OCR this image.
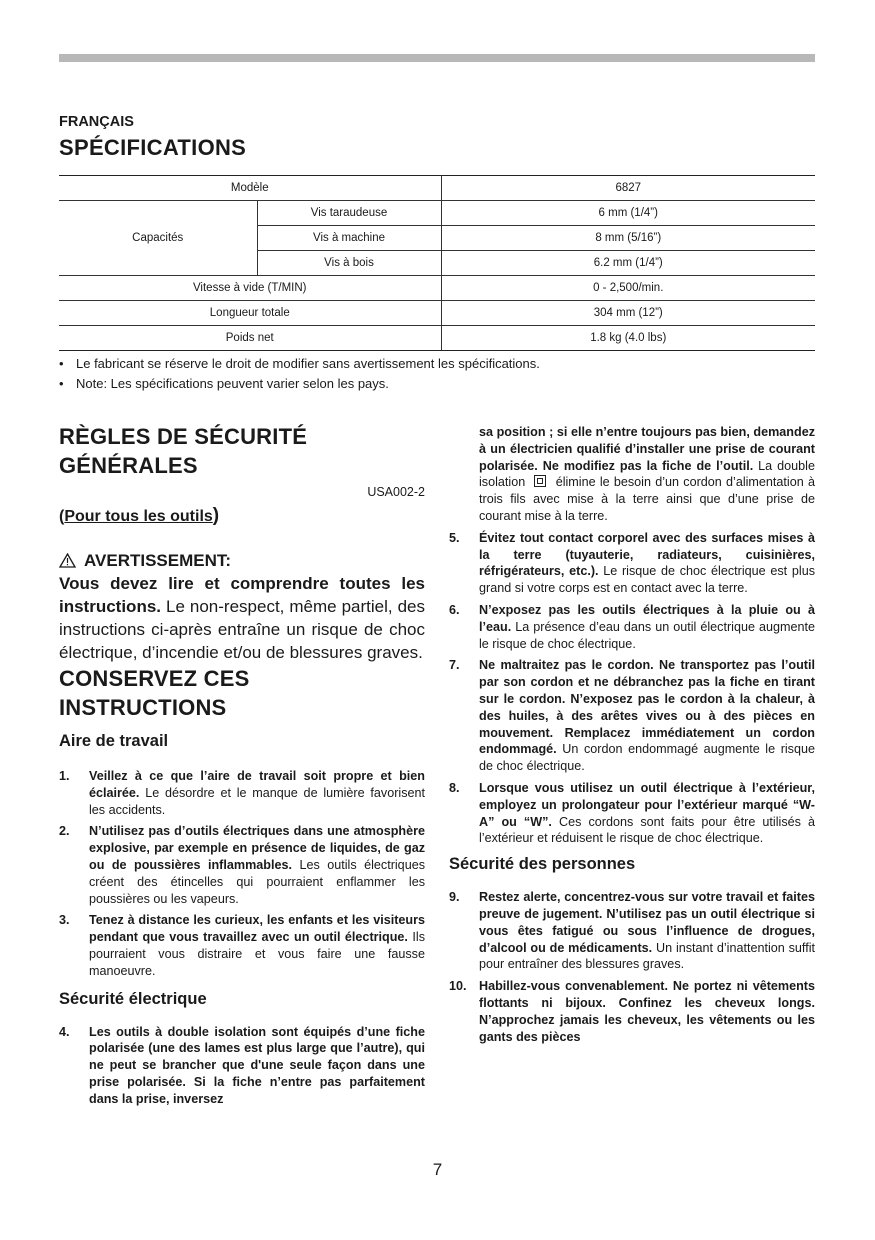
FRANÇAIS
SPÉCIFICATIONS
Modèle		6827
Capacités	Vis taraudeuse	6 mm (1/4”)
	Vis à machine	8 mm (5/16”)
	Vis à bois	6.2 mm (1/4”)
Vitesse à vide (T/MIN)		0 - 2,500/min.
Longueur totale		304 mm (12”)
Poids net		1.8 kg (4.0 lbs)
• Le fabricant se réserve le droit de modifier sans avertissement les spécifications.
• Note: Les spécifications peuvent varier selon les pays.
RÈGLES DE SÉCURITÉ
GÉNÉRALES
USA002-2
(Pour tous les outils)
AVERTISSEMENT:

Vous devez lire et comprendre toutes les instructions. Le non-respect, même partiel, des instructions ci-après entraîne un risque de choc électrique, d’incendie et/ou de blessures graves.

CONSERVEZ CES
INSTRUCTIONS
Aire de travail
1. Veillez à ce que l’aire de travail soit propre et bien éclairée. Le désordre et le manque de lumière favorisent les accidents.
2. N’utilisez pas d’outils électriques dans une atmosphère explosive, par exemple en présence de liquides, de gaz ou de poussières inflammables. Les outils électriques créent des étincelles qui pourraient enflammer les poussières ou les vapeurs.
3. Tenez à distance les curieux, les enfants et les visiteurs pendant que vous travaillez avec un outil électrique. Ils pourraient vous distraire et vous faire une fausse manoeuvre.
Sécurité électrique
4. Les outils à double isolation sont équipés d’une fiche polarisée (une des lames est plus large que l’autre), qui ne peut se brancher que d'une seule façon dans une prise polarisée. Si la fiche n’entre pas parfaitement dans la prise, inversez
sa position ; si elle n’entre toujours pas bien, demandez à un électricien qualifié d’installer une prise de courant polarisée. Ne modifiez pas la fiche de l’outil. La double isolation  élimine le besoin d’un cordon d’alimentation à trois fils avec mise à la terre ainsi que d’une prise de courant mise à la terre.
5. Évitez tout contact corporel avec des surfaces mises à la terre (tuyauterie, radiateurs, cuisinières, réfrigérateurs, etc.). Le risque de choc électrique est plus grand si votre corps est en contact avec la terre.
6. N’exposez pas les outils électriques à la pluie ou à l’eau. La présence d’eau dans un outil électrique augmente le risque de choc électrique.
7. Ne maltraitez pas le cordon. Ne transportez pas l’outil par son cordon et ne débranchez pas la fiche en tirant sur le cordon. N’exposez pas le cordon à la chaleur, à des huiles, à des arêtes vives ou à des pièces en mouvement. Remplacez immédiatement un cordon endommagé. Un cordon endommagé augmente le risque de choc électrique.
8. Lorsque vous utilisez un outil électrique à l’extérieur, employez un prolongateur pour l’extérieur marqué “W-A” ou “W”. Ces cordons sont faits pour être utilisés à l’extérieur et réduisent le risque de choc électrique.
Sécurité des personnes
9. Restez alerte, concentrez-vous sur votre travail et faites preuve de jugement. N’utilisez pas un outil électrique si vous êtes fatigué ou sous l’influence de drogues, d’alcool ou de médicaments. Un instant d’inattention suffit pour entraîner des blessures graves.
10. Habillez-vous convenablement. Ne portez ni vêtements flottants ni bijoux. Confinez les cheveux longs. N’approchez jamais les cheveux, les vêtements ou les gants des pièces
7
